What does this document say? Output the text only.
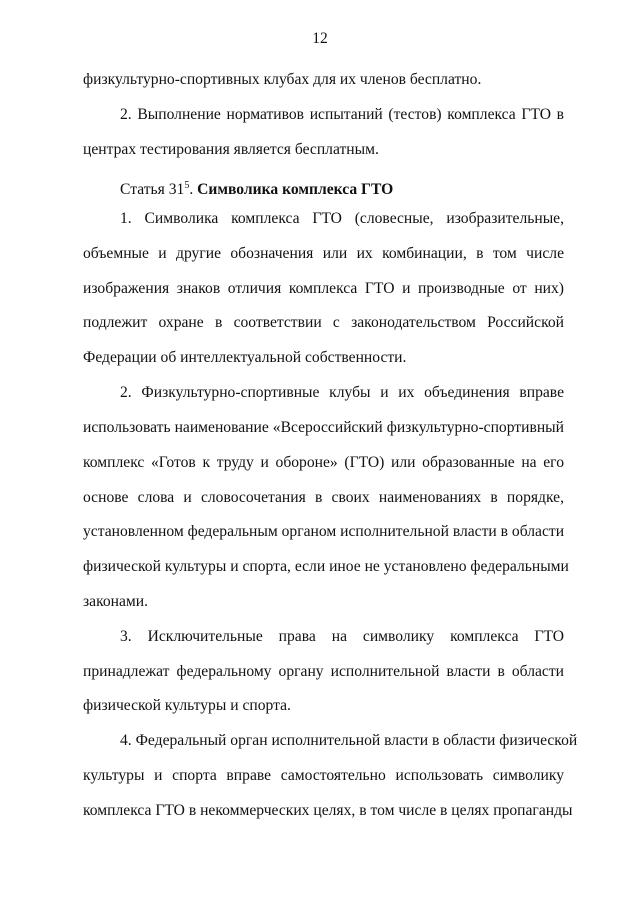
12
физкультурно-спортивных клубах для их членов бесплатно.
2. Выполнение нормативов испытаний (тестов) комплекса ГТО в
центрах тестирования является бесплатным.
Статья $31^5$. Символика комплекса ГТО
1. Символика комплекса ГТО (словесные, изобразительные,
объемные и другие обозначения или их комбинации, в том числе
изображения знаков отличия комплекса ГТО и производные от них)
подлежит охране в соответствии с законодательством Российской
Федерации об интеллектуальной собственности.
2. Физкультурно-спортивные клубы и их объединения вправе
использовать наименование «Всероссийский физкультурно-спортивный
комплекс «Готов к труду и обороне» (ГТО) или образованные на его
основе слова и словосочетания в своих наименованиях в порядке,
установленном федеральным органом исполнительной власти в области
физической культуры и спорта, если иное не установлено федеральными
законами.
3. Исключительные права на символику комплекса ГТО
принадлежат федеральному органу исполнительной власти в области
физической культуры и спорта.
4. Федеральный орган исполнительной власти в области физической
культуры и спорта вправе самостоятельно использовать символику
комплекса ГТО в некоммерческих целях, в том числе в целях пропаганды
